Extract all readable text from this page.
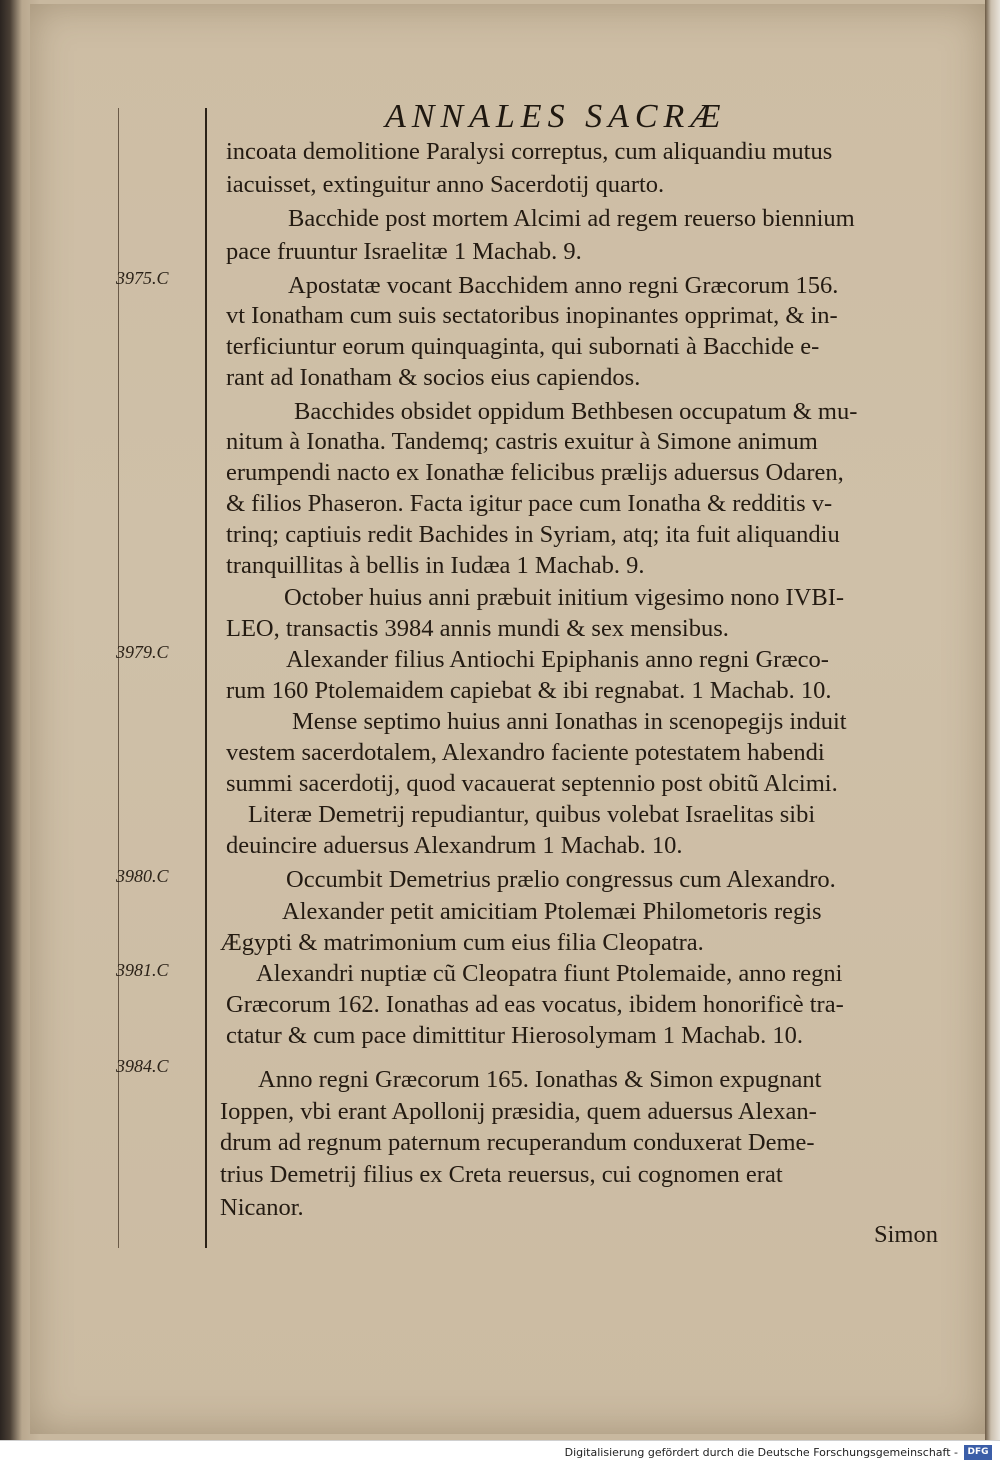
ANNALES SACRÆ
3975.C
3979.C
3980.C
3981.C
3984.C
incoata demolitione Paralysi correptus, cum aliquandiu mutus
iacuisset, extinguitur anno Sacerdotij quarto.
Bacchide post mortem Alcimi ad regem reuerso biennium
pace fruuntur Israelitæ 1 Machab. 9.
Apostatæ vocant Bacchidem anno regni Græcorum 156.
vt Ionatham cum suis sectatoribus inopinantes opprimat, & in-
terficiuntur eorum quinquaginta, qui subornati à Bacchide e-
rant ad Ionatham & socios eius capiendos.
Bacchides obsidet oppidum Bethbesen occupatum & mu-
nitum à Ionatha. Tandemq; castris exuitur à Simone animum
erumpendi nacto ex Ionathæ felicibus prælijs aduersus Odaren,
& filios Phaseron. Facta igitur pace cum Ionatha & redditis v-
trinq; captiuis redit Bachides in Syriam, atq; ita fuit aliquandiu
tranquillitas à bellis in Iudæa 1 Machab. 9.
October huius anni præbuit initium vigesimo nono IVBI-
LEO, transactis 3984 annis mundi & sex mensibus.
Alexander filius Antiochi Epiphanis anno regni Græco-
rum 160 Ptolemaidem capiebat & ibi regnabat. 1 Machab. 10.
Mense septimo huius anni Ionathas in scenopegijs induit
vestem sacerdotalem, Alexandro faciente potestatem habendi
summi sacerdotij, quod vacauerat septennio post obitũ Alcimi.
Literæ Demetrij repudiantur, quibus volebat Israelitas sibi
deuincire aduersus Alexandrum 1 Machab. 10.
Occumbit Demetrius prælio congressus cum Alexandro.
Alexander petit amicitiam Ptolemæi Philometoris regis
Ægypti & matrimonium cum eius filia Cleopatra.
Alexandri nuptiæ cũ Cleopatra fiunt Ptolemaide, anno regni
Græcorum 162. Ionathas ad eas vocatus, ibidem honorificè tra-
ctatur & cum pace dimittitur Hierosolymam 1 Machab. 10.
Anno regni Græcorum 165. Ionathas & Simon expugnant
Ioppen, vbi erant Apollonij præsidia, quem aduersus Alexan-
drum ad regnum paternum recuperandum conduxerat Deme-
trius Demetrij filius ex Creta reuersus, cui cognomen erat
Nicanor.
Simon
Digitalisierung gefördert durch die Deutsche Forschungsgemeinschaft -	DFG
